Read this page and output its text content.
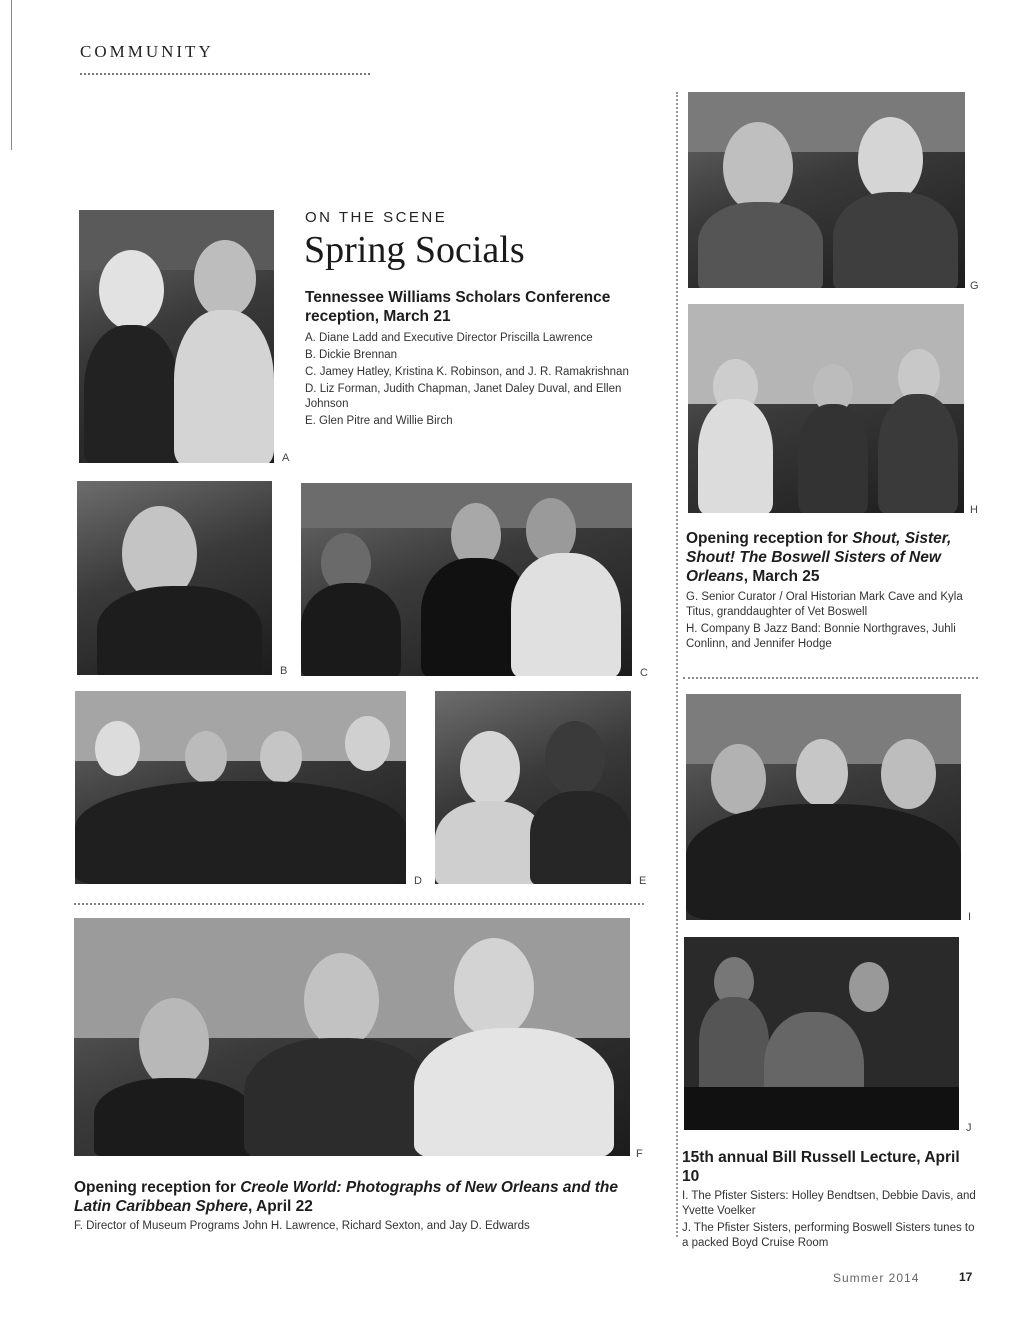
COMMUNITY
A
B	C
D	E
F
G
H
I
J
ON THE SCENE
Spring Socials
Tennessee Williams Scholars Conference reception, March 21
A. Diane Ladd and Executive Director Priscilla Lawrence
B. Dickie Brennan
C. Jamey Hatley, Kristina K. Robinson, and J. R. Ramakrishnan
D. Liz Forman, Judith Chapman, Janet Daley Duval, and Ellen Johnson
E. Glen Pitre and Willie Birch
Opening reception for Shout, Sister, Shout! The Boswell Sisters of New Orleans, March 25
G. Senior Curator / Oral Historian Mark Cave and Kyla Titus, granddaughter of Vet Boswell
H. Company B Jazz Band: Bonnie Northgraves, Juhli Conlinn, and Jennifer Hodge
Opening reception for Creole World: Photographs of New Orleans and the Latin Caribbean Sphere, April 22
F. Director of Museum Programs John H. Lawrence, Richard Sexton, and Jay D. Edwards
15th annual Bill Russell Lecture, April 10
I. The Pfister Sisters: Holley Bendtsen, Debbie Davis, and Yvette Voelker
J. The Pfister Sisters, performing Boswell Sisters tunes to a packed Boyd Cruise Room
Summer 2014	17
